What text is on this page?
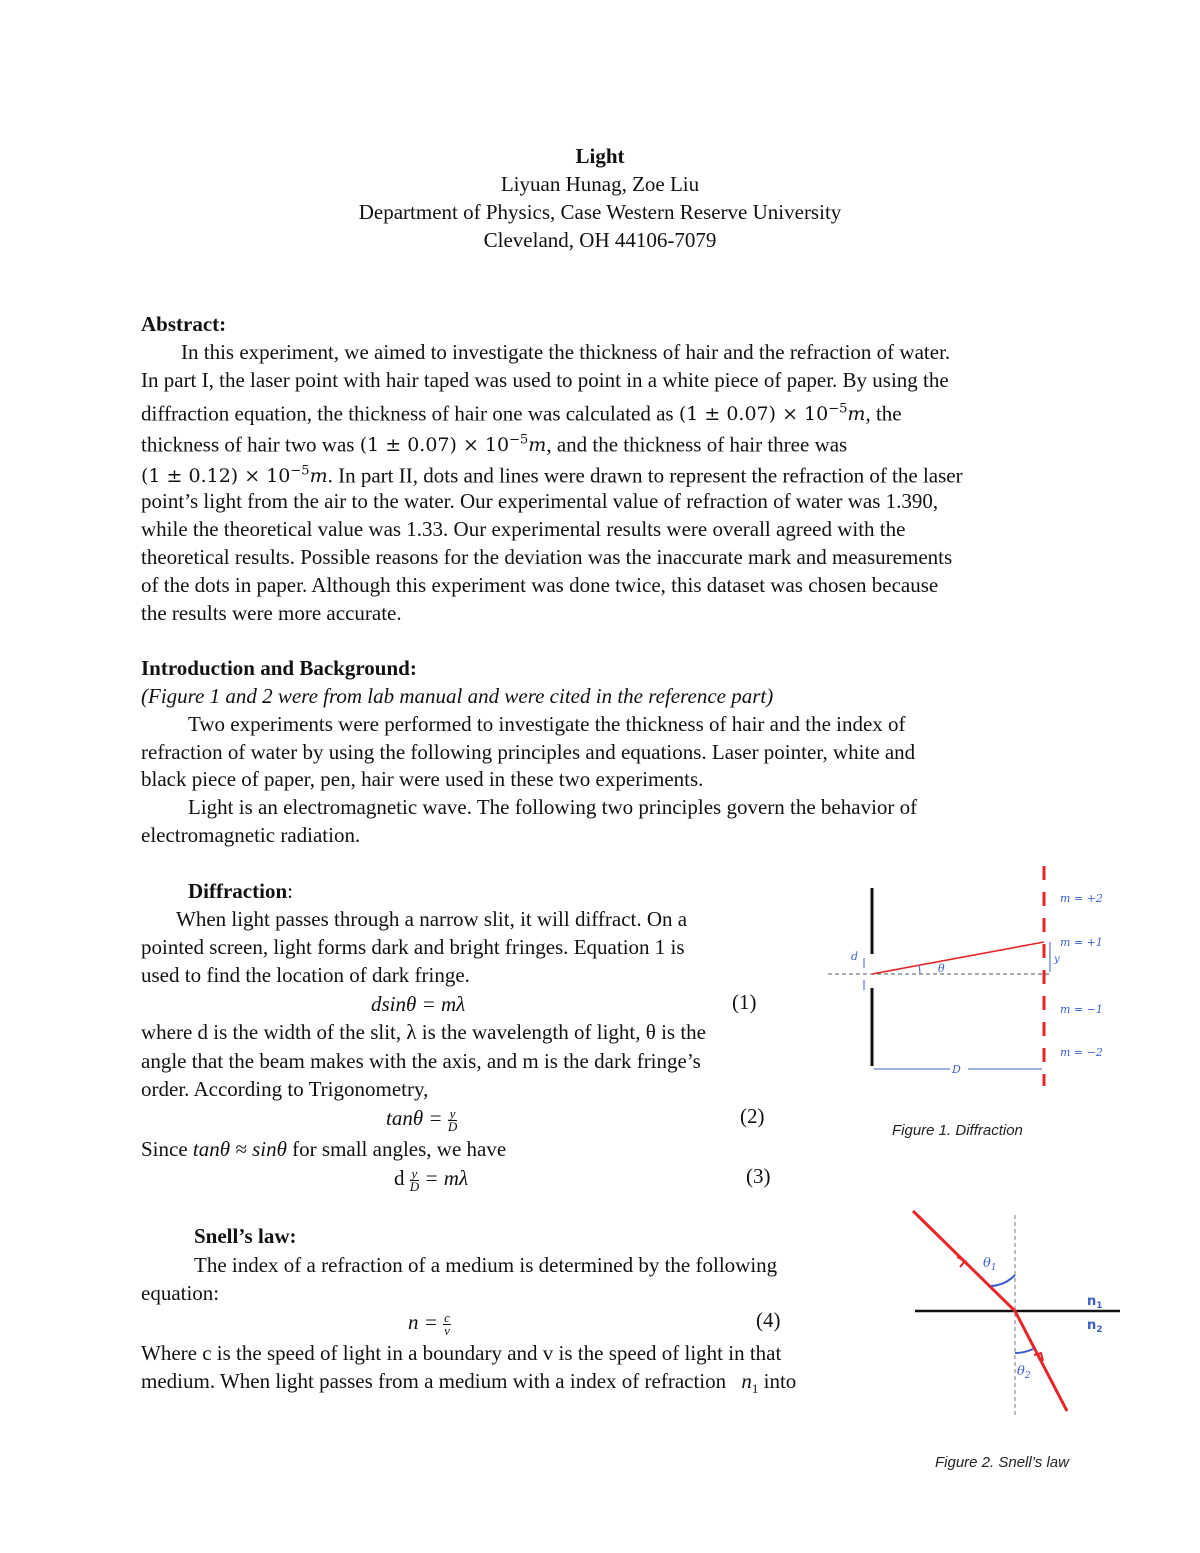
Light
Liyuan Hunag, Zoe Liu
Department of Physics, Case Western Reserve University
Cleveland, OH 44106-7079
Abstract:
In this experiment, we aimed to investigate the thickness of hair and the refraction of water.
In part I, the laser point with hair taped was used to point in a white piece of paper. By using the
diffraction equation, the thickness of hair one was calculated as $(1 \pm 0.07) \times 10^{-5}m$, the
thickness of hair two was $(1 \pm 0.07) \times 10^{-5}m$, and the thickness of hair three was
$(1 \pm 0.12) \times 10^{-5}m$. In part II, dots and lines were drawn to represent the refraction of the laser
point’s light from the air to the water. Our experimental value of refraction of water was 1.390,
while the theoretical value was 1.33. Our experimental results were overall agreed with the
theoretical results. Possible reasons for the deviation was the inaccurate mark and measurements
of the dots in paper. Although this experiment was done twice, this dataset was chosen because
the results were more accurate.
Introduction and Background:
(Figure 1 and 2 were from lab manual and were cited in the reference part)
Two experiments were performed to investigate the thickness of hair and the index of
refraction of water by using the following principles and equations. Laser pointer, white and
black piece of paper, pen, hair were used in these two experiments.
Light is an electromagnetic wave. The following two principles govern the behavior of
electromagnetic radiation.
Diffraction:
When light passes through a narrow slit, it will diffract. On a
pointed screen, light forms dark and bright fringes. Equation 1 is
used to find the location of dark fringe.
dsinθ = mλ	(1)
where d is the width of the slit, λ is the wavelength of light, θ is the
angle that the beam makes with the axis, and m is the dark fringe’s
order. According to Trigonometry,
$\tan\theta = \frac{y}{D}$	(2)
Since tanθ ≈ sinθ for small angles, we have
d $\frac{y}{D} = m\lambda$	(3)
Snell’s law:
The index of a refraction of a medium is determined by the following
equation:
$n = \frac{c}{v}$	(4)
Where c is the speed of light in a boundary and v is the speed of light in that
medium. When light passes from a medium with a index of refraction $n_1$ into
θ
d	y
D
m = +2
m = +1
m = −1
m = −2
Figure 1. Diffraction
$\theta_1$
$\theta_2$
$n_1$
$n_2$
Figure 2. Snell’s law
